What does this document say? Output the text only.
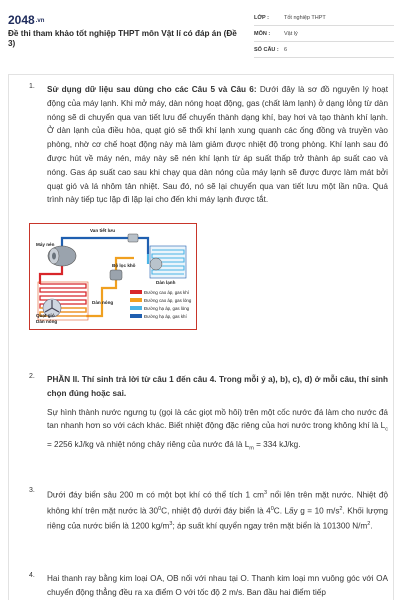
2048.vn
Đề thi tham khảo tốt nghiệp THPT môn Vật lí có đáp án (Đề 3)
LỚP :	Tốt nghiệp THPT
MÔN :	Vật lý
SỐ CÂU : 6
1. Sử dụng dữ liệu sau dùng cho các Câu 5 và Câu 6: Dưới đây là sơ đồ nguyên lý hoạt động của máy lạnh. Khi mở máy, dàn nóng hoạt động, gas (chất làm lạnh) ở dạng lỏng từ dàn nóng sẽ di chuyển qua van tiết lưu để chuyển thành dạng khí, bay hơi và tạo thành khí lạnh. Ở dàn lạnh của điều hòa, quạt gió sẽ thổi khí lạnh xung quanh các ống đồng và truyền vào phòng, nhờ cơ chế hoạt động này mà làm giảm được nhiệt độ trong phòng. Khí lạnh sau đó được hút về máy nén, máy này sẽ nén khí lạnh từ áp suất thấp trở thành áp suất cao và nóng. Gas áp suất cao sau khi chạy qua dàn nóng của máy lạnh sẽ được được làm mát bởi quạt gió và lá nhôm tản nhiệt. Sau đó, nó sẽ lại chuyển qua van tiết lưu một lần nữa. Quá trình này tiếp tục lặp đi lặp lại cho đến khi máy lạnh được tắt.
Van tiết lưu
Máy nén
Dàn lạnh
Bộ lọc khô
Dàn nóng
Quạt gió
Dàn nóng
Đường cao áp, gas khí
Đường cao áp, gas lỏng
Đường hạ áp, gas lỏng
Đường hạ áp, gas khí
2. PHẦN II. Thí sinh trả lời từ câu 1 đến câu 4. Trong mỗi ý a), b), c), d) ở mỗi câu, thí sinh chọn đúng hoặc sai.

Sự hình thành nước ngưng tụ (gọi là các giọt mồ hôi) trên một cốc nước đá làm cho nước đá tan nhanh hơn so với cách khác. Biết nhiệt động đặc riêng của hơi nước trong không khí là $L_c = 2256$ kJ/kg và nhiệt nóng chảy riêng của nước đá là $L_m = 334$ kJ/kg.

3.
Dưới đáy biển sâu 200 m có một bọt khí có thể tích 1 $cm^3$ nổi lên trên mặt nước. Nhiệt độ không khí trên mặt nước là $30^0C$, nhiệt độ dưới đáy biển là $4^0C$. Lấy g = 10 $m/s^2$. Khối lượng riêng của nước biển là 1200 $kg/m^3$; áp suất khí quyển ngay trên mặt biển là 101300 $N/m^2$.
4. Hai thanh ray bằng kim loại OA, OB nối với nhau tại O. Thanh kim loại mn vuông góc với OA chuyển động thẳng đều ra xa điểm O với tốc độ 2 m/s. Ban đầu hai điểm tiếp
